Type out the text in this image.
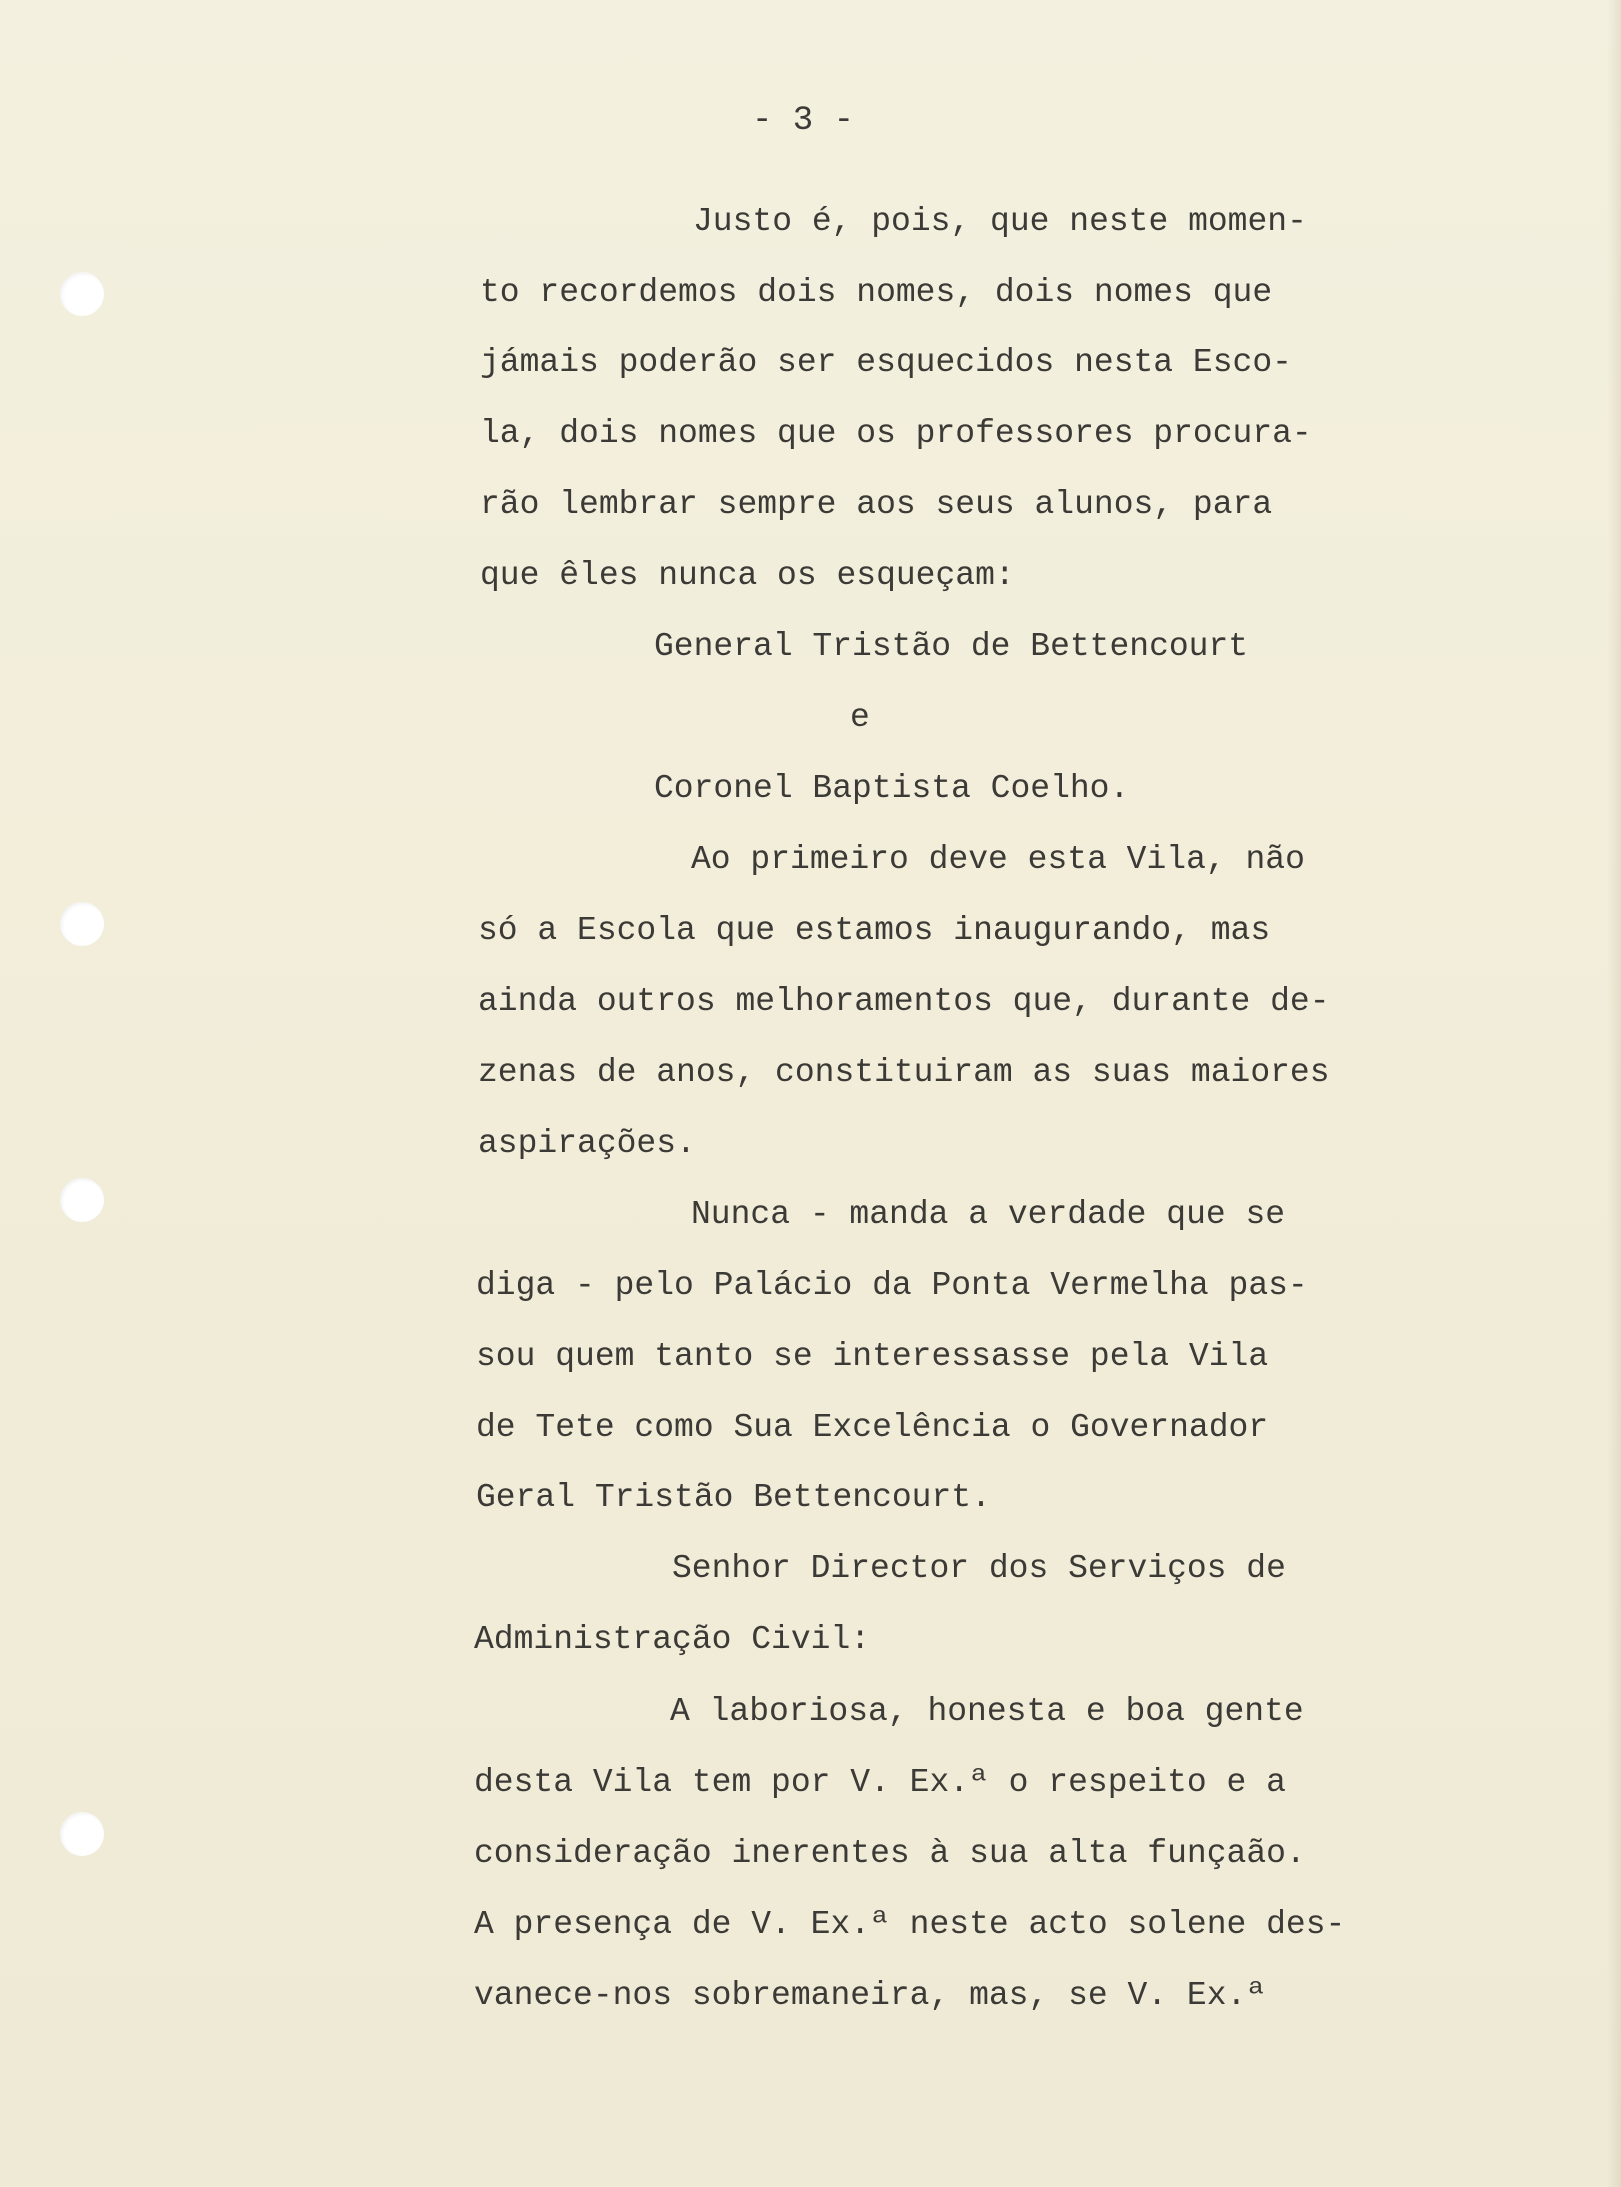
- 3 -

Justo é, pois, que neste momen-

to recordemos dois nomes, dois nomes que

jámais poderão ser esquecidos nesta Esco-

la, dois nomes que os professores procura-

rão lembrar sempre aos seus alunos, para

que êles nunca os esqueçam:

General Tristão de Bettencourt

e

Coronel Baptista Coelho.

Ao primeiro deve esta Vila, não

só a Escola que estamos inaugurando, mas

ainda outros melhoramentos que, durante de-

zenas de anos, constituiram as suas maiores

aspirações.

Nunca - manda a verdade que se

diga - pelo Palácio da Ponta Vermelha pas-

sou quem tanto se interessasse pela Vila

de Tete como Sua Excelência o Governador

Geral Tristão Bettencourt.

Senhor Director dos Serviços de

Administração Civil:

A laboriosa, honesta e boa gente

desta Vila tem por V. Ex.ª o respeito e a

consideração inerentes à sua alta funçaão.

A presença de V. Ex.ª neste acto solene des-

vanece-nos sobremaneira, mas, se V. Ex.ª
